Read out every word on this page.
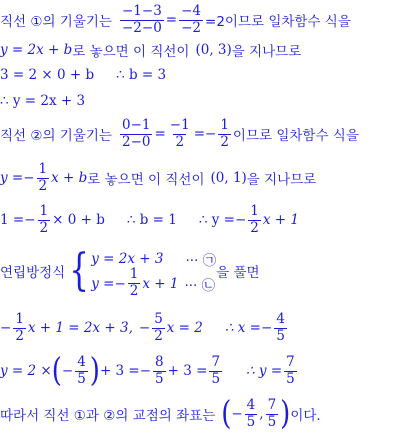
직선 ①의 기울기는 $\frac{-1-3}{-2-0} = \frac{-4}{-2} =2$이므로 일차함수 식을
y = 2x + b 로 놓으면 이 직선이 (0, 3) 을 지나므로
3 = 2 × 0 + b ∴ b = 3
∴ y = 2x + 3
직선 ②의 기울기는 $\frac{0-1}{2-0} = \frac{-1}{2} =- \frac{1}{2}$ 이므로 일차함수 식을
$y =- \frac{1}{2}$ x + b 로 놓으면 이 직선이 (0, 1) 을 지나므로
$1 =- \frac{1}{2} \times 0 + b$ ∴ b = 1 ∴ $y =- \frac{1}{2}$ x + 1
연립방정식 { y = 2x + 3 ··· ㉠
$y =- \frac{1}{2}$ x + 1 ··· ㉡
을 풀면
− $\frac{1}{2}$ x + 1 = 2x + 3, − $\frac{5}{2}$ x = 2 ∴ $x =- \frac{4}{5}$
y = 2 × ( − $\frac{4}{5}$ ) + $3 =- \frac{8}{5} + 3 = \frac{7}{5}$ ∴ $y = \frac{7}{5}$
따라서 직선 ①과 ②의 교점의 좌표는 ( − $\frac{4}{5}$ , $\frac{7}{5}$ ) 이다.
